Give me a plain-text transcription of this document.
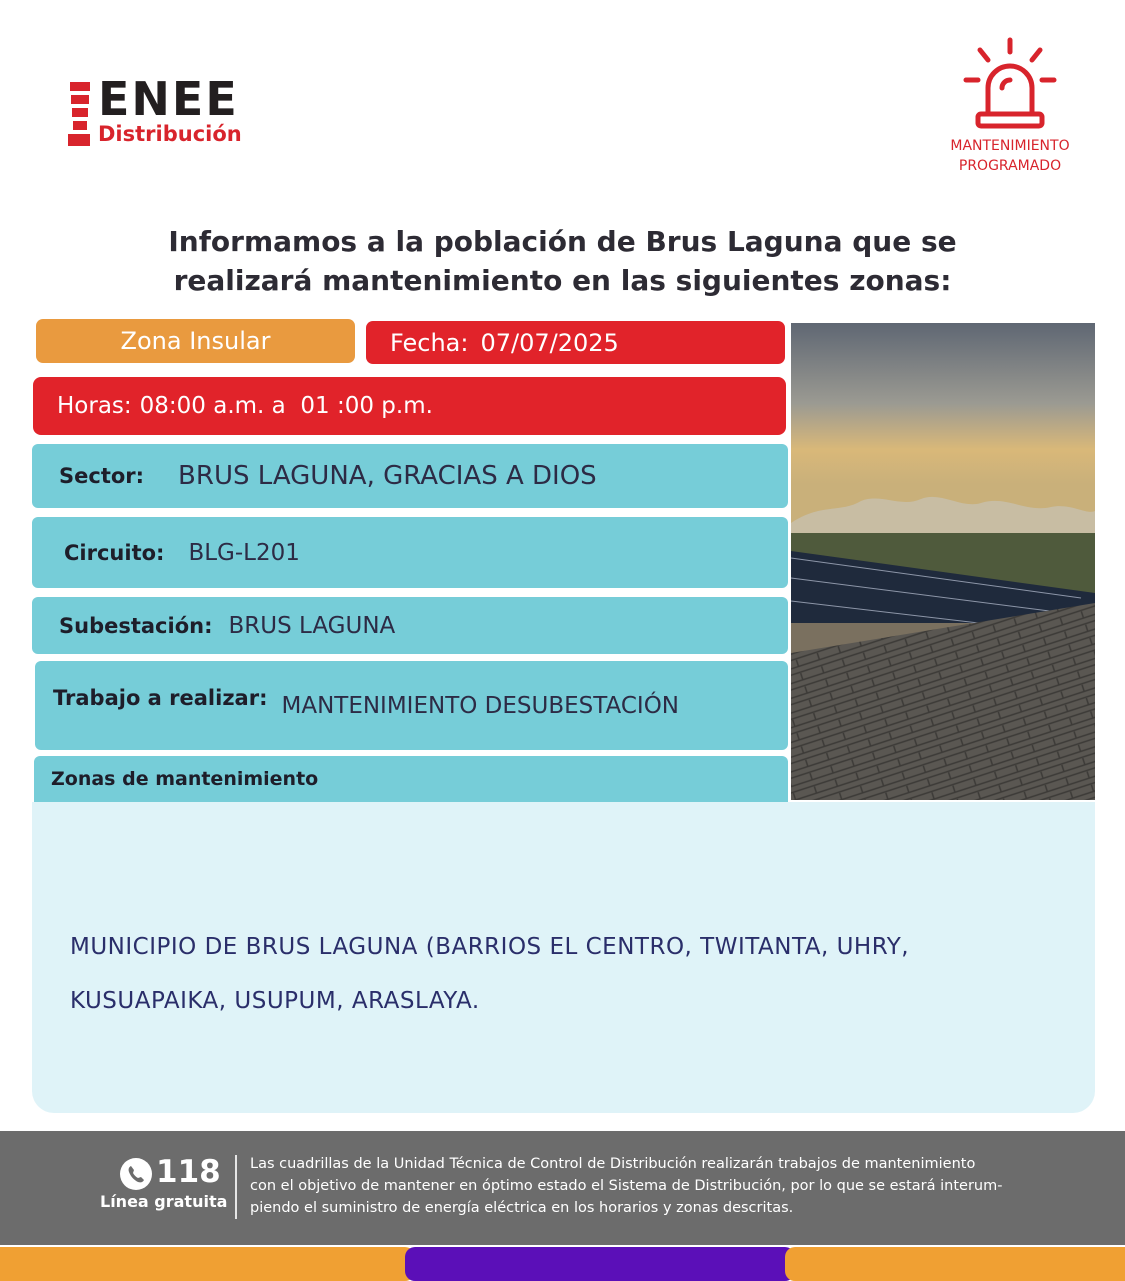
ENEE
Distribución	MANTENIMIENTO
PROGRAMADO
Informamos a la población de Brus Laguna que se
realizará mantenimiento en las siguientes zonas:
Zona Insular	Fecha: 07/07/2025
Horas: 08:00 a.m. a  01 :00 p.m.
Sector: BRUS LAGUNA, GRACIAS A DIOS
Circuito: BLG-L201
Subestación: BRUS LAGUNA
Trabajo a realizar: MANTENIMIENTO DESUBESTACIÓN
Zonas de mantenimiento
MUNICIPIO DE BRUS LAGUNA (BARRIOS EL CENTRO, TWITANTA, UHRY,
KUSUAPAIKA, USUPUM, ARASLAYA.
118
Línea gratuita
Las cuadrillas de la Unidad Técnica de Control de Distribución realizarán trabajos de mantenimiento
con el objetivo de mantener en óptimo estado el Sistema de Distribución, por lo que se estará interum-
piendo el suministro de energía eléctrica en los horarios y zonas descritas.
